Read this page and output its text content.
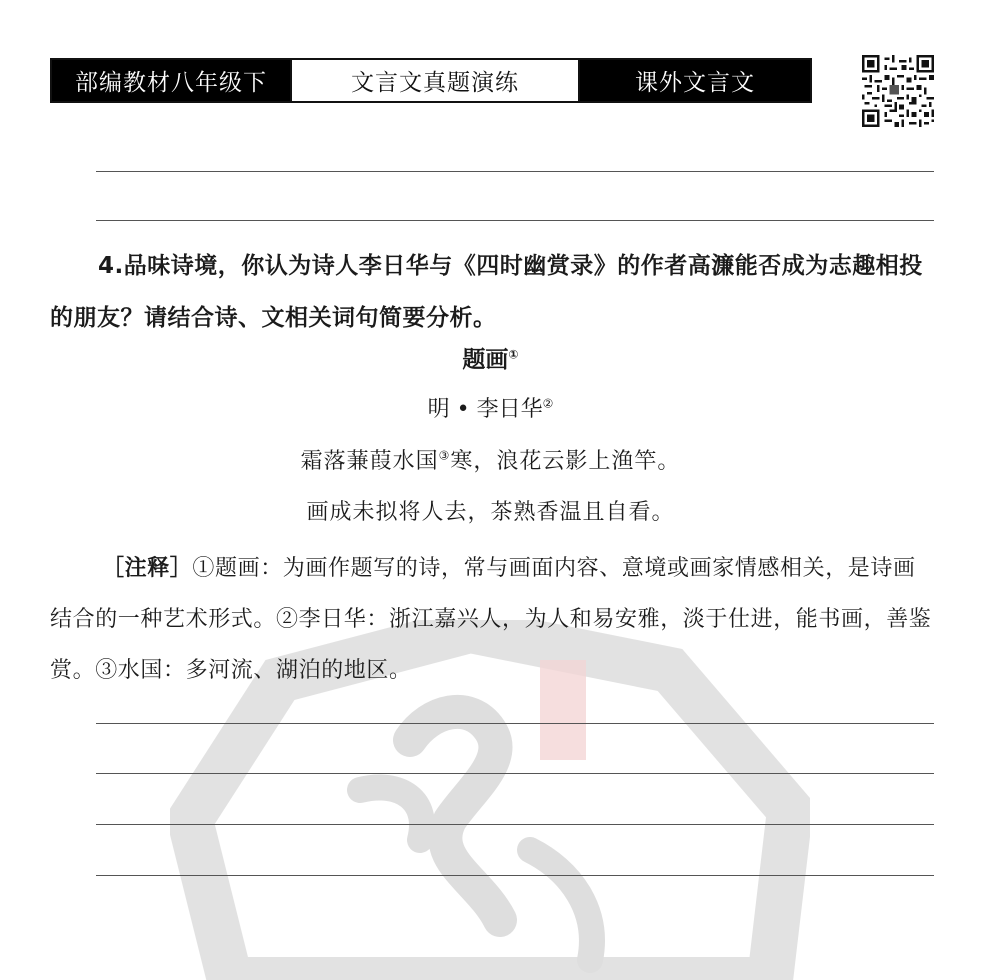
部编教材八年级下	文言文真题演练	课外文言文

4.品味诗境，你认为诗人李日华与《四时幽赏录》的作者高濂能否成为志趣相投的朋友？请结合诗、文相关词句简要分析。

题画①

明 • 李日华②

霜落蒹葭水国③寒，浪花云影上渔竿。

画成未拟将人去，茶熟香温且自看。

［注释］①题画：为画作题写的诗，常与画面内容、意境或画家情感相关，是诗画结合的一种艺术形式。②李日华：浙江嘉兴人，为人和易安雅，淡于仕进，能书画，善鉴赏。③水国：多河流、湖泊的地区。
